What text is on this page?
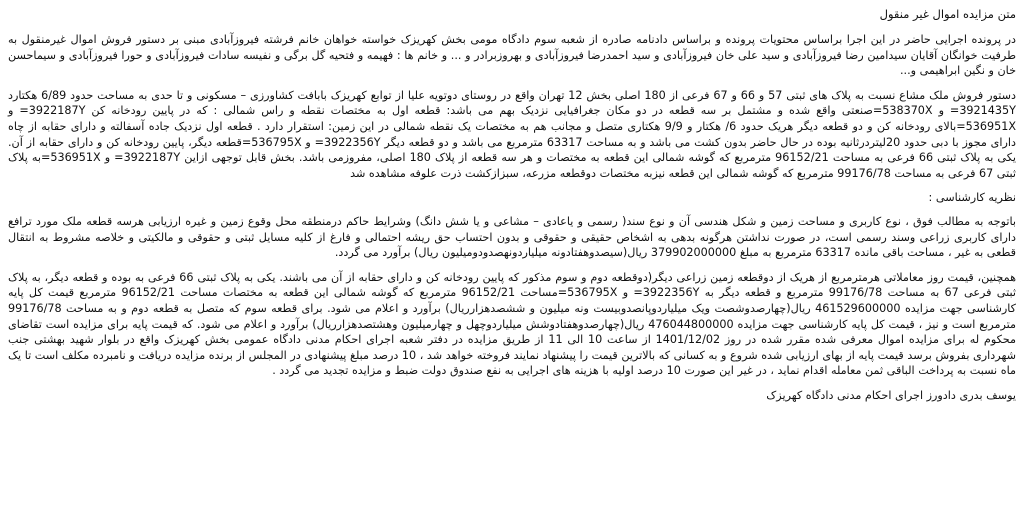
متن مزایده اموال غیر منقول
در پرونده اجرایی حاضر در این اجرا براساس محتویات پرونده و براساس دادنامه صادره از شعبه سوم دادگاه مومی بخش کهریزک خواسته خواهان خانم فرشته فیروزآبادی مبنی بر دستور فروش اموال غیرمنقول به طرفیت خوانگان آقایان سیدامین رضا فیروزآبادی و سید علی خان فیروزآبادی و سید احمدرضا فیروزآبادی و بهروزبرادر و ... و خانم ها : فهیمه و فتحیه گل برگی و نفیسه سادات فیروزآبادی و حورا فیروزآبادی و سیماحسن خان و نگین ابراهیمی و...
دستور فروش ملک مشاع نسبت به پلاک های ثبتی 57 و 66 و 67 فرعی از 180 اصلی بخش 12 تهران واقع در روستای دوتویه علیا از توابع کهریزک بابافت کشاورزی – مسکونی و تا حدی به مساحت حدود 6/89 هکتارد 3921435Y= و 538370X=صنعتی واقع شده و مشتمل بر سه قطعه در دو مکان جغرافیایی نزدیک بهم می باشد: قطعه اول به مختصات نقطه و راس شمالی : که در پایین رودخانه کن 3922187Y= و 536951X=بالای رودخانه کن و دو قطعه دیگر هریک حدود 6/ هکتار و 9/9 هکتاری متصل و مجانب هم به مختصات یک نقطه شمالی در این زمین: استقرار دارد . قطعه اول نزدیک جاده آسفالته و دارای حقابه از چاه دارای مجوز با دبی حدود 20لیتردرثانیه بوده در حال حاضر بدون کشت می باشد و به مساحت 63317 مترمربع می باشد و دو قطعه دیگر 3922356Y= و 536795X=قطعه دیگر، پایین رودخانه کن و دارای حقابه از آن. یکی به پلاک ثبتی 66 فرعی به مساحت 96152/21 مترمربع که گوشه شمالی این قطعه به مختصات و هر سه قطعه از پلاک 180 اصلی، مفروزمی باشد. بخش قابل توجهی ازاین 3922187Y= و 536951X=به پلاک ثبتی 67 فرعی به مساحت 99176/78 مترمربع که گوشه شمالی این قطعه نیزبه مختصات دوقطعه مزرعه، سبزازکشت ذرت علوفه مشاهده شد
نظریه کارشناسی :
باتوجه به مطالب فوق ، نوع کاربری و مساحت زمین و شکل هندسی آن و نوع سند( رسمی و یاعادی – مشاعی و یا شش دانگ) وشرایط حاکم درمنطقه محل وقوع زمین و غیره ارزیابی هرسه قطعه ملک مورد ترافع دارای کاربری زراعی وسند رسمی است، در صورت نداشتن هرگونه بدهی به اشخاص حقیقی و حقوقی و بدون احتساب حق ریشه احتمالی و فارغ از کلیه مسایل ثبتی و حقوقی و مالکیتی و خلاصه مشروط به انتقال قطعی به غیر ، مساحت باقی مانده 63317 مترمربع به مبلغ 379902000000 ریال(سیصدوهفتادونه میلیاردونهصدودومیلیون ریال) برآورد می گردد.
همچنین، قیمت روز معاملاتی هرمترمربع از هریک از دوقطعه زمین زراعی دیگر(دوقطعه دوم و سوم مذکور که پایین رودخانه کن و دارای حقابه از آن می باشند. یکی به پلاک ثبتی 66 فرعی به بوده و قطعه دیگر، به پلاک ثبتی فرعی 67 به مساحت 99176/78 مترمربع و قطعه دیگر به 3922356Y= و 536795X=مساحت 96152/21 مترمربع که گوشه شمالی این قطعه به مختصات مساحت 96152/21 مترمربع قیمت کل پایه کارشناسی جهت مزایده 461529600000 ریال(چهارصدوشصت ویک میلیاردوپانصدوبیست ونه میلیون و ششصدهزارریال) برآورد و اعلام می شود. برای قطعه سوم که متصل به قطعه دوم و به مساحت 99176/78 مترمربع است و نیز ، قیمت کل پایه کارشناسی جهت مزایده 476044800000 ریال(چهارصدوهفتادوشش میلیاردوچهل و چهارمیلیون وهشتصدهزارریال) برآورد و اعلام می شود. که قیمت پایه برای مزایده است تقاضای محکوم له برای مزایده اموال معرفی شده مقرر شده در روز 1401/12/02 از ساعت 10 الی 11 از طریق مزایده در دفتر شعبه اجرای احکام مدنی دادگاه عمومی بخش کهریزک واقع در بلوار شهید بهشتی جنب شهرداری بفروش برسد قیمت پایه از بهای ارزیابی شده شروع و به کسانی که بالاترین قیمت را پیشنهاد نمایند فروخته خواهد شد ، 10 درصد مبلغ پیشنهادی در المجلس از برنده مزایده دریافت و نامبرده مکلف است تا یک ماه نسبت به پرداخت الباقی ثمن معامله اقدام نماید ، در غیر این صورت 10 درصد اولیه با هزینه های اجرایی به نفع صندوق دولت ضبط و مزایده تجدید می گردد .
یوسف بدری دادورز اجرای احکام مدنی دادگاه کهریزک
